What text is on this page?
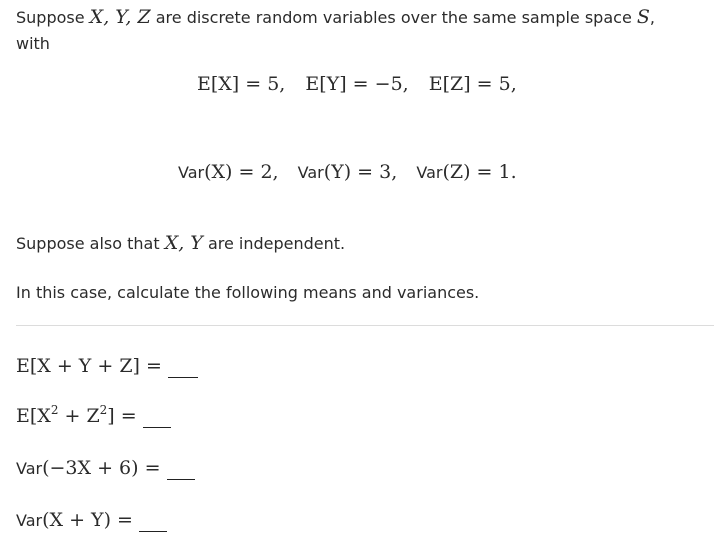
Suppose X, Y, Z are discrete random variables over the same sample space S,
with
E[X] = 5, E[Y] = −5, E[Z] = 5,
Var(X) = 2, Var(Y) = 3, Var(Z) = 1.
Suppose also that X, Y are independent.
In this case, calculate the following means and variances.
E[X + Y + Z] =
$E[X^2 + Z^2]$ =
Var(−3X + 6) =
Var(X + Y) =
